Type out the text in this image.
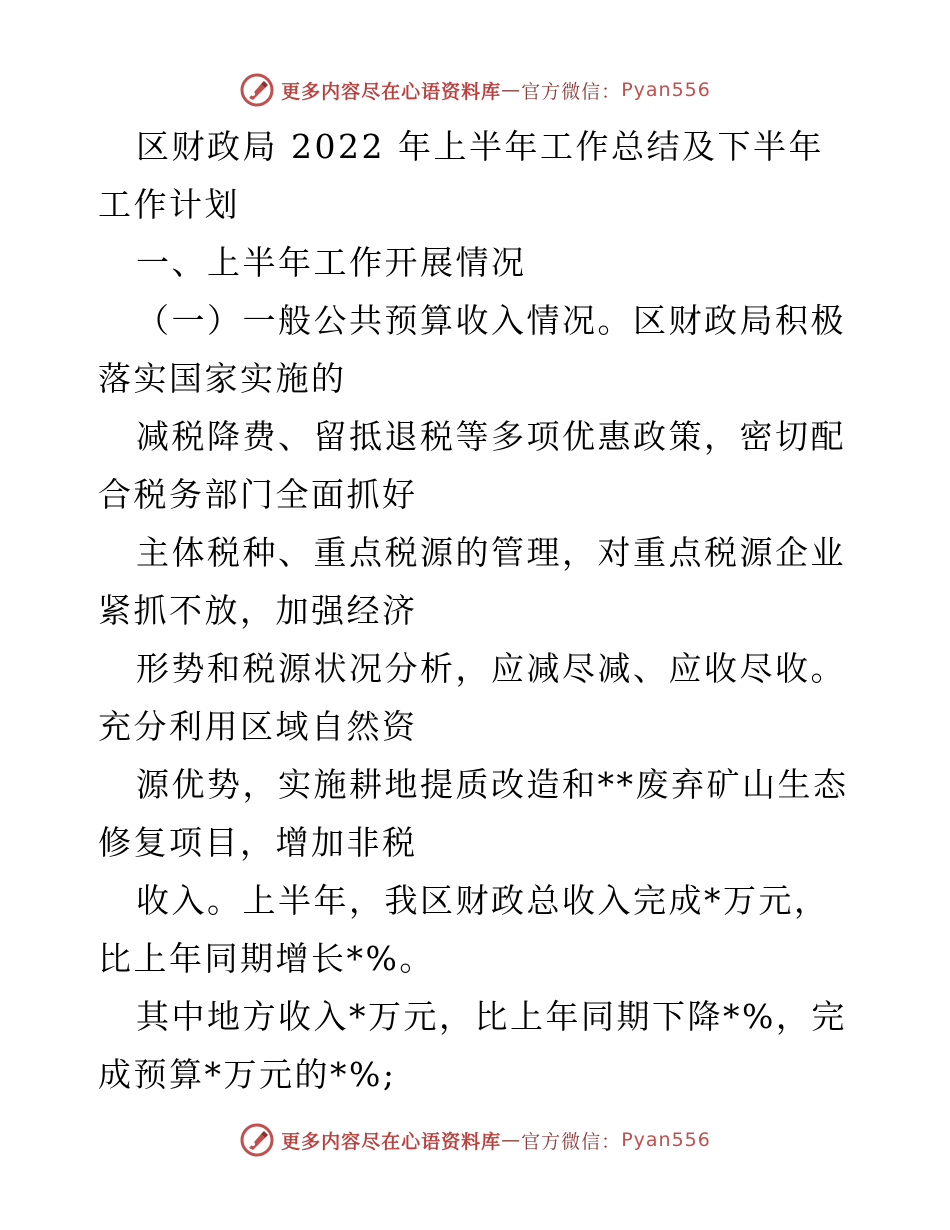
更多内容尽在心语资料库 — 官方微信： Pyan556

区财政局 2022 年上半年工作总结及下半年工作计划

一、上半年工作开展情况

（一）一般公共预算收入情况。区财政局积极落实国家实施的

减税降费、留抵退税等多项优惠政策，密切配合税务部门全面抓好

主体税种、重点税源的管理，对重点税源企业紧抓不放，加强经济

形势和税源状况分析，应减尽减、应收尽收。充分利用区域自然资

源优势，实施耕地提质改造和**废弃矿山生态修复项目，增加非税

收入。上半年，我区财政总收入完成*万元，比上年同期增长*%。

其中地方收入*万元，比上年同期下降*%，完成预算*万元的*%;

更多内容尽在心语资料库 — 官方微信： Pyan556
